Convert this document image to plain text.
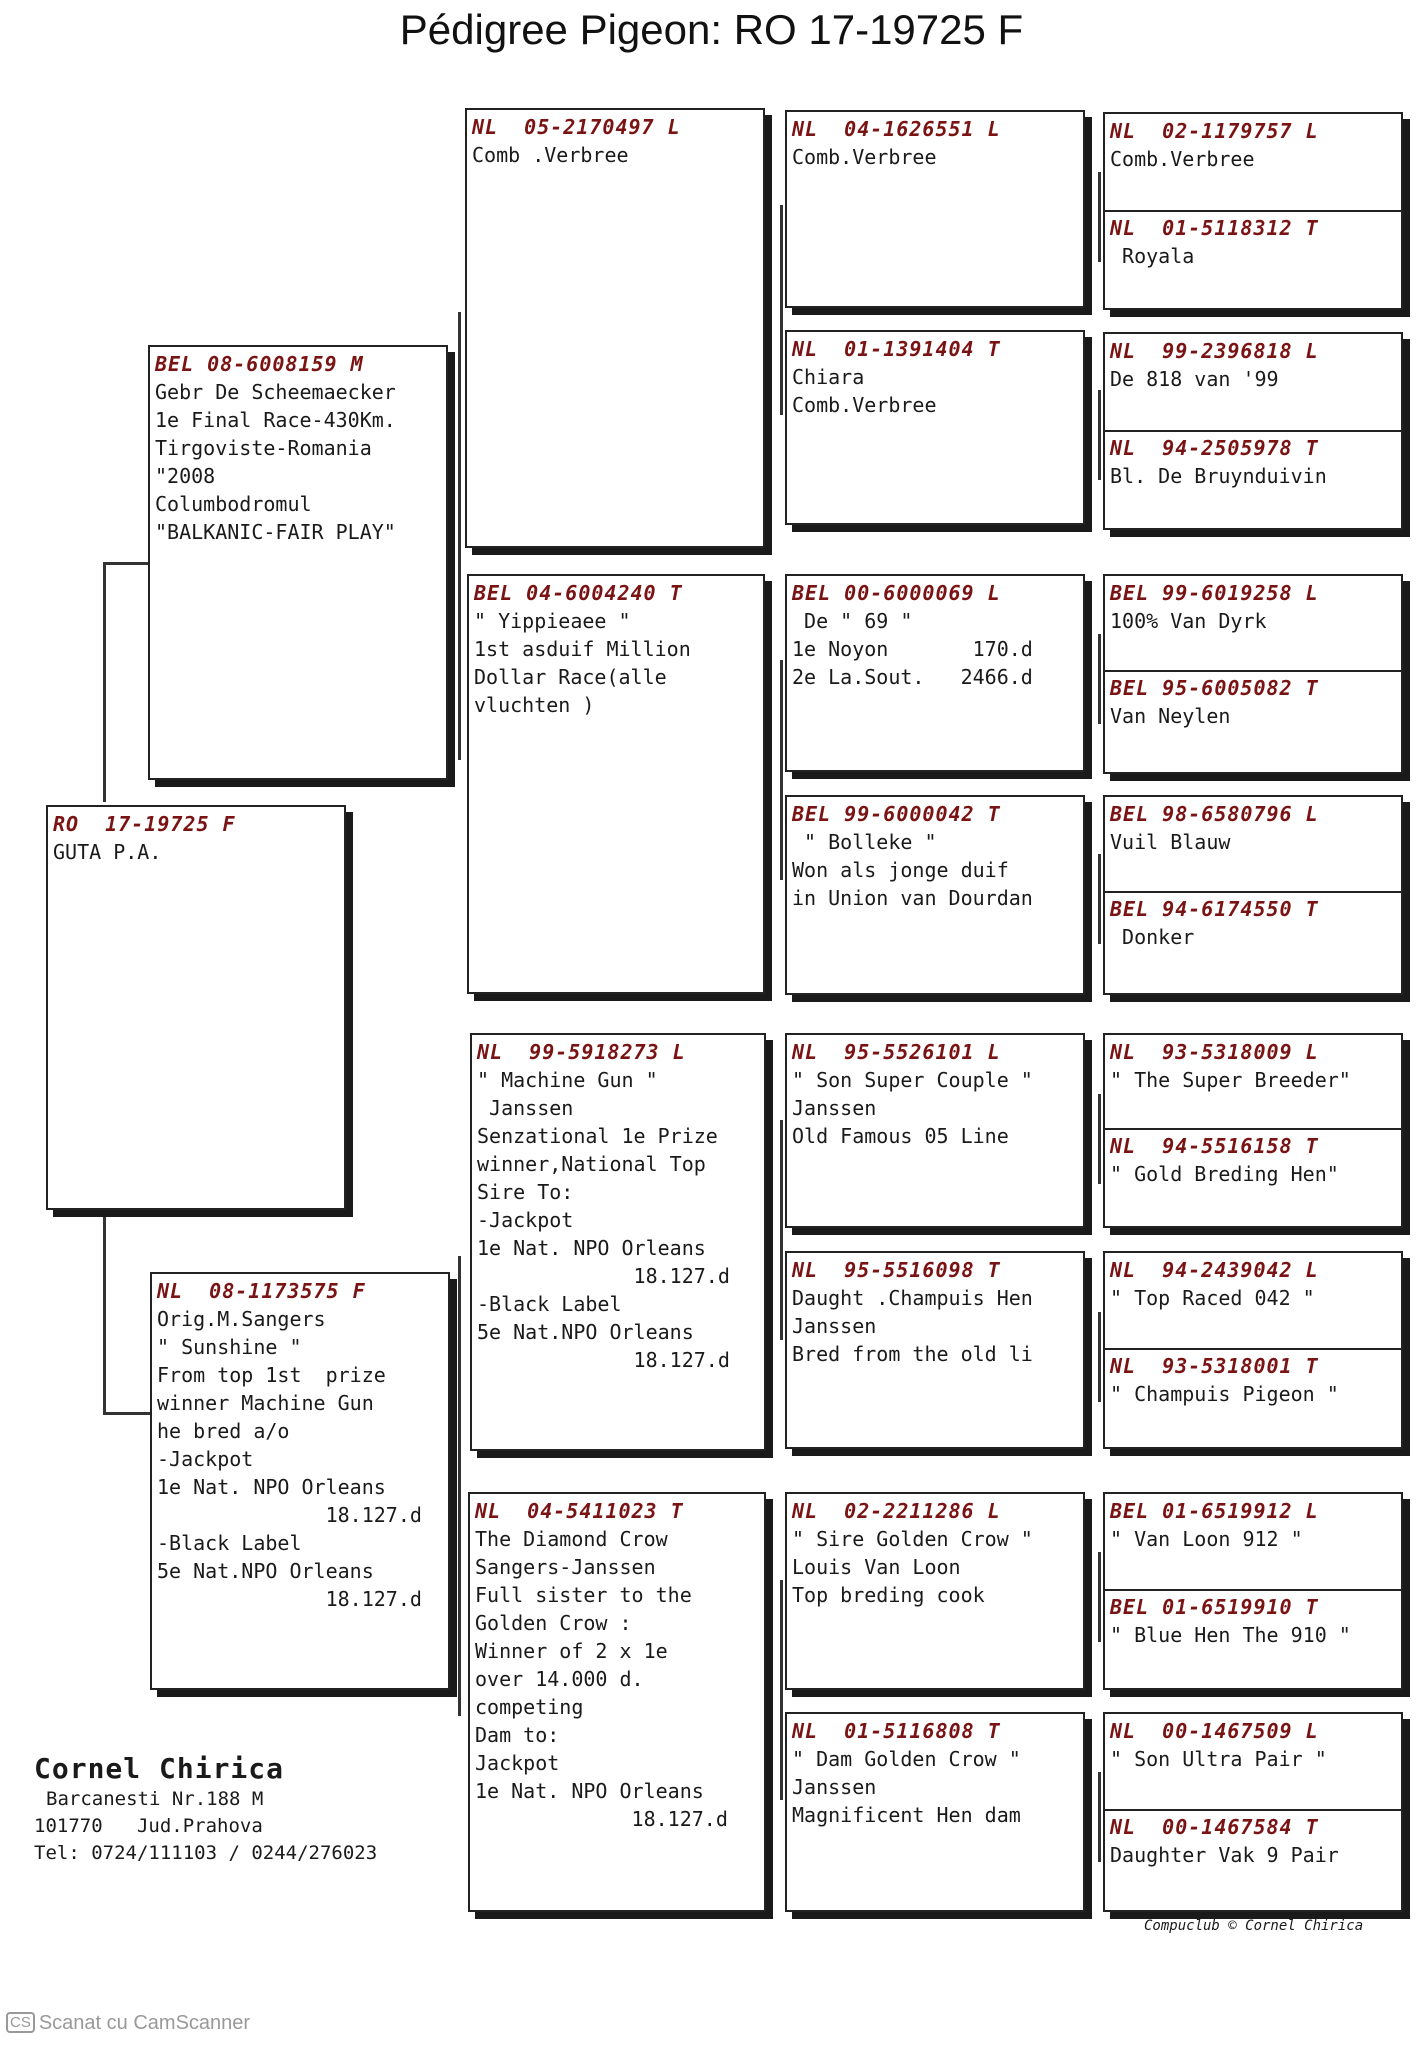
Pédigree Pigeon: RO 17-19725 F
RO  17-19725 F
GUTA P.A.
BEL 08-6008159 M
Gebr De Scheemaecker
1e Final Race-430Km.
Tirgoviste-Romania
"2008
Columbodromul
"BALKANIC-FAIR PLAY"
NL  08-1173575 F
Orig.M.Sangers
" Sunshine "
From top 1st  prize
winner Machine Gun
he bred a/o
-Jackpot
1e Nat. NPO Orleans
18.127.d
-Black Label
5e Nat.NPO Orleans
18.127.d
NL  05-2170497 L
Comb .Verbree
BEL 04-6004240 T
" Yippieaee "
1st asduif Million
Dollar Race(alle
vluchten )
NL  99-5918273 L
" Machine Gun "
Janssen
Senzational 1e Prize
winner,National Top
Sire To:
-Jackpot
1e Nat. NPO Orleans
18.127.d
-Black Label
5e Nat.NPO Orleans
18.127.d
NL  04-5411023 T
The Diamond Crow
Sangers-Janssen
Full sister to the
Golden Crow :
Winner of 2 x 1e
over 14.000 d.
competing
Dam to:
Jackpot
1e Nat. NPO Orleans
18.127.d
NL  04-1626551 L
Comb.Verbree
NL  01-1391404 T
Chiara
Comb.Verbree
BEL 00-6000069 L
De " 69 "
1e Noyon       170.d
2e La.Sout.   2466.d
BEL 99-6000042 T
" Bolleke "
Won als jonge duif
in Union van Dourdan
NL  95-5526101 L
" Son Super Couple "
Janssen
Old Famous 05 Line
NL  95-5516098 T
Daught .Champuis Hen
Janssen
Bred from the old li
NL  02-2211286 L
" Sire Golden Crow "
Louis Van Loon
Top breding cook
NL  01-5116808 T
" Dam Golden Crow "
Janssen
Magnificent Hen dam
NL  02-1179757 L
Comb.Verbree
NL  01-5118312 T
Royala
NL  99-2396818 L
De 818 van '99
NL  94-2505978 T
Bl. De Bruynduivin
BEL 99-6019258 L
100% Van Dyrk
BEL 95-6005082 T
Van Neylen
BEL 98-6580796 L
Vuil Blauw
BEL 94-6174550 T
Donker
NL  93-5318009 L
" The Super Breeder"
NL  94-5516158 T
" Gold Breding Hen"
NL  94-2439042 L
" Top Raced 042 "
NL  93-5318001 T
" Champuis Pigeon "
BEL 01-6519912 L
" Van Loon 912 "
BEL 01-6519910 T
" Blue Hen The 910 "
NL  00-1467509 L
" Son Ultra Pair "
NL  00-1467584 T
Daughter Vak 9 Pair
Cornel Chirica
Barcanesti Nr.188 M
101770   Jud.Prahova
Tel: 0724/111103 / 0244/276023
Compuclub © Cornel Chirica
CS Scanat cu CamScanner
